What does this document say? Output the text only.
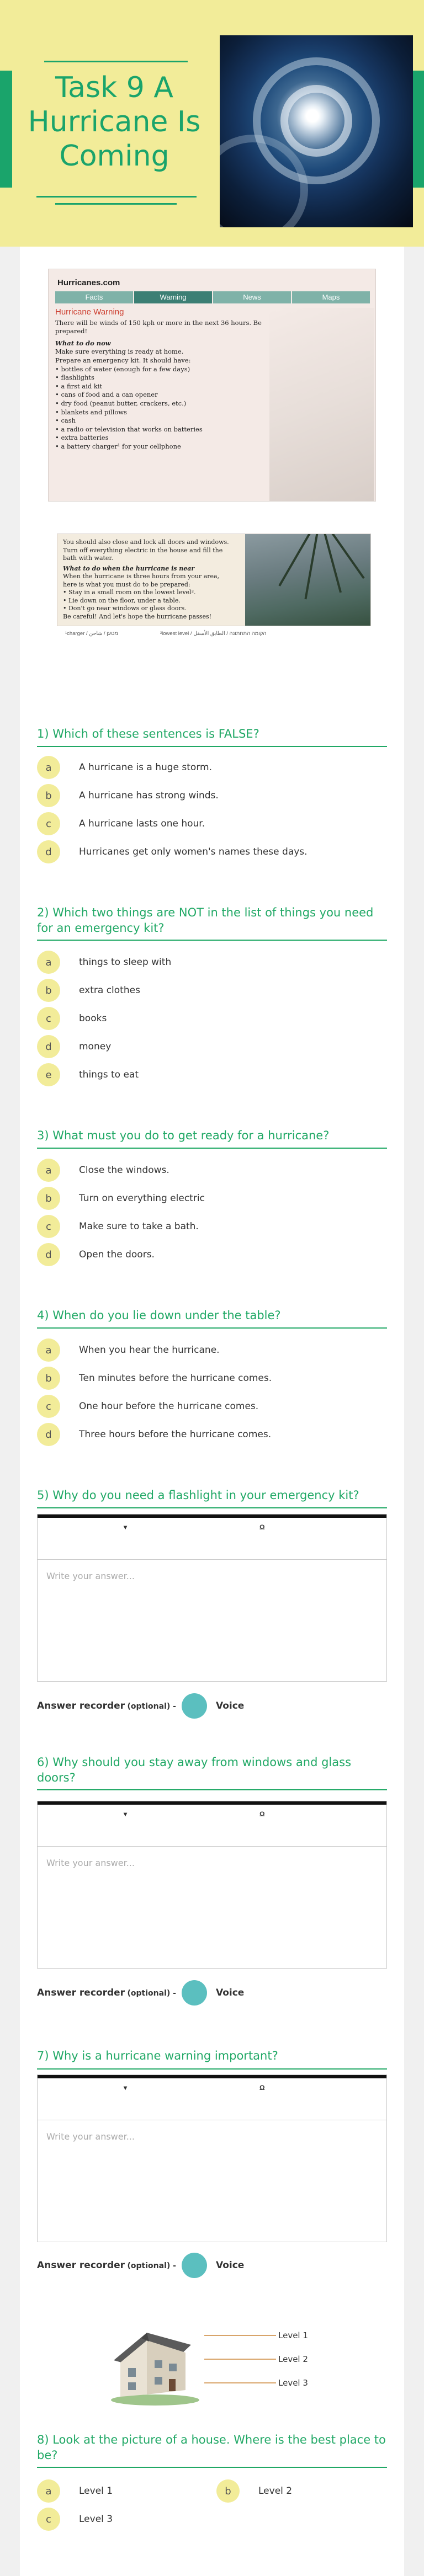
Task 9 A Hurricane Is Coming
Hurricanes.com
Facts	Warning	News	Maps
Hurricane Warning
There will be winds of 150 kph or more in the next 36 hours. Be prepared!
What to do now
Make sure everything is ready at home.
Prepare an emergency kit. It should have:
• bottles of water (enough for a few days)
• flashlights
• a first aid kit
• cans of food and a can opener
• dry food (peanut butter, crackers, etc.)
• blankets and pillows
• cash
• a radio or television that works on batteries
• extra batteries
• a battery charger¹ for your cellphone
You should also close and lock all doors and windows.
Turn off everything electric in the house and fill the
bath with water.
What to do when the hurricane is near
When the hurricane is three hours from your area,
here is what you must do to be prepared:
• Stay in a small room on the lowest level².
• Lie down on the floor, under a table.
• Don't go near windows or glass doors.
Be careful! And let's hope the hurricane passes!
¹charger / מטען / شاحن	²lowest level / הקומה התחתונה / الطابق الأسفل
1) Which of these sentences is FALSE?
a	A hurricane is a huge storm.
b	A hurricane has strong winds.
c	A hurricane lasts one hour.
d	Hurricanes get only women's names these days.
2) Which two things are NOT in the list of things you need for an emergency kit?
a	things to sleep with
b	extra clothes
c	books
d	money
e	things to eat
3) What must you do to get ready for a hurricane?
a	Close the windows.
b	Turn on everything electric
c	Make sure to take a bath.
d	Open the doors.
4) When do you lie down under the table?
a	When you hear the hurricane.
b	Ten minutes before the hurricane comes.
c	One hour before the hurricane comes.
d	Three hours before the hurricane comes.
5) Why do you need a flashlight in your emergency kit?
▾	Ω
Write your answer...
Answer recorder
(optional) -	Voice
6) Why should you stay away from windows and glass doors?
▾	Ω
Write your answer...
Answer recorder
(optional) -	Voice
7) Why is a hurricane warning important?
▾	Ω
Write your answer...
Answer recorder
(optional) -	Voice
Level 1
Level 2
Level 3
8) Look at the picture of a house. Where is the best place to be?
a	Level 1	b	Level 2
c	Level 3
